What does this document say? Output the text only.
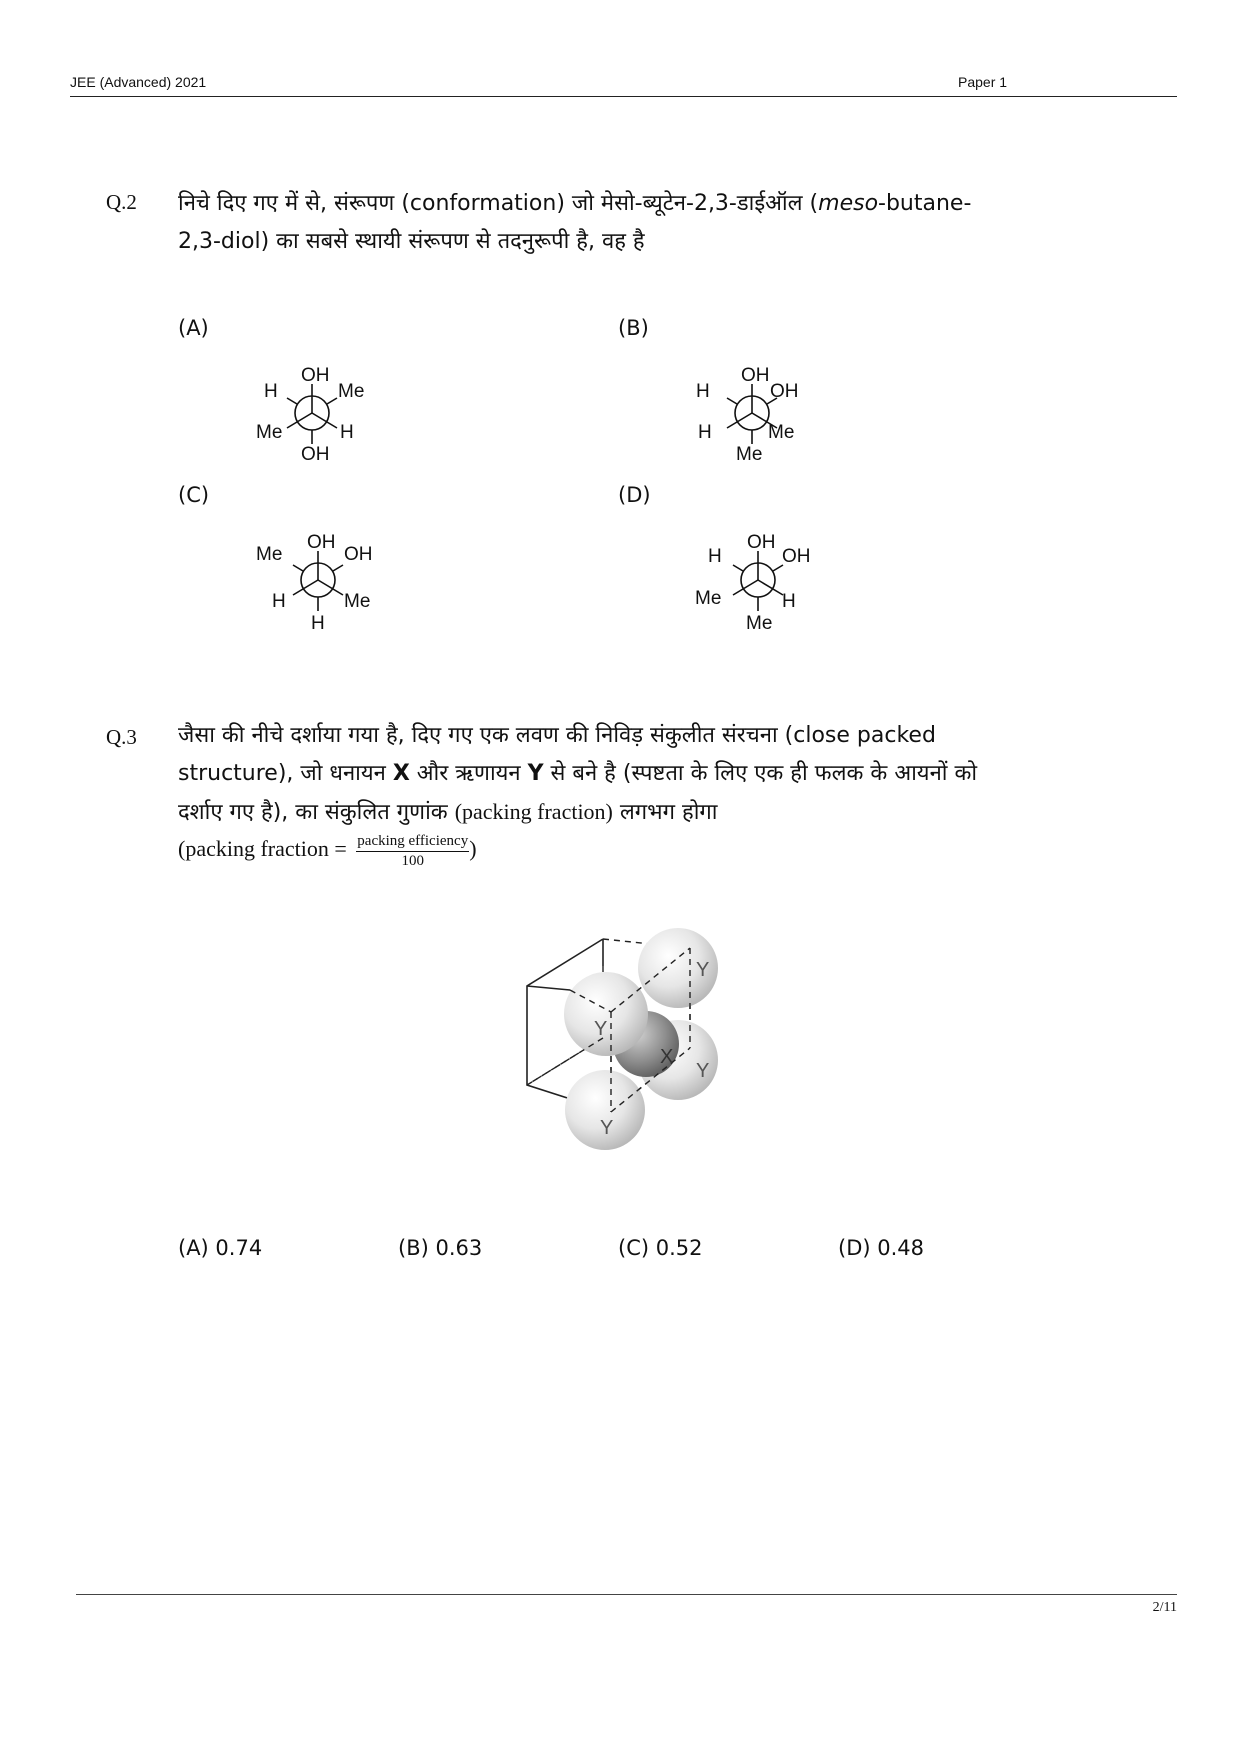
JEE (Advanced) 2021	Paper 1
Q.2 निचे दिए गए में से, संरूपण (conformation) जो मेसो-ब्यूटेन-2,3-डाईऑल (meso-butane-
2,3-diol) का सबसे स्थायी संरूपण से तदनुरूपी है, वह है
(A)	(B)
(C)	(D)
OH
H	Me
Me	H
OH
OH
H	OH
H	Me
Me
OH
Me	OH
H	Me
H
OH
H	OH
Me	H
Me
Q.3 जैसा की नीचे दर्शाया गया है, दिए गए एक लवण की निविड़ संकुलीत संरचना (close packed
structure), जो धनायन X और ऋणायन Y से बने है (स्पष्टता के लिए एक ही फलक के आयनों को
दर्शाए गए है), का संकुलित गुणांक (packing fraction) लगभग होगा
(packing fraction = $\frac{\text{packing efficiency}}{100}$ )
Y
Y
X
Y
Y
(A) 0.74	(B) 0.63	(C) 0.52	(D) 0.48
2/11
